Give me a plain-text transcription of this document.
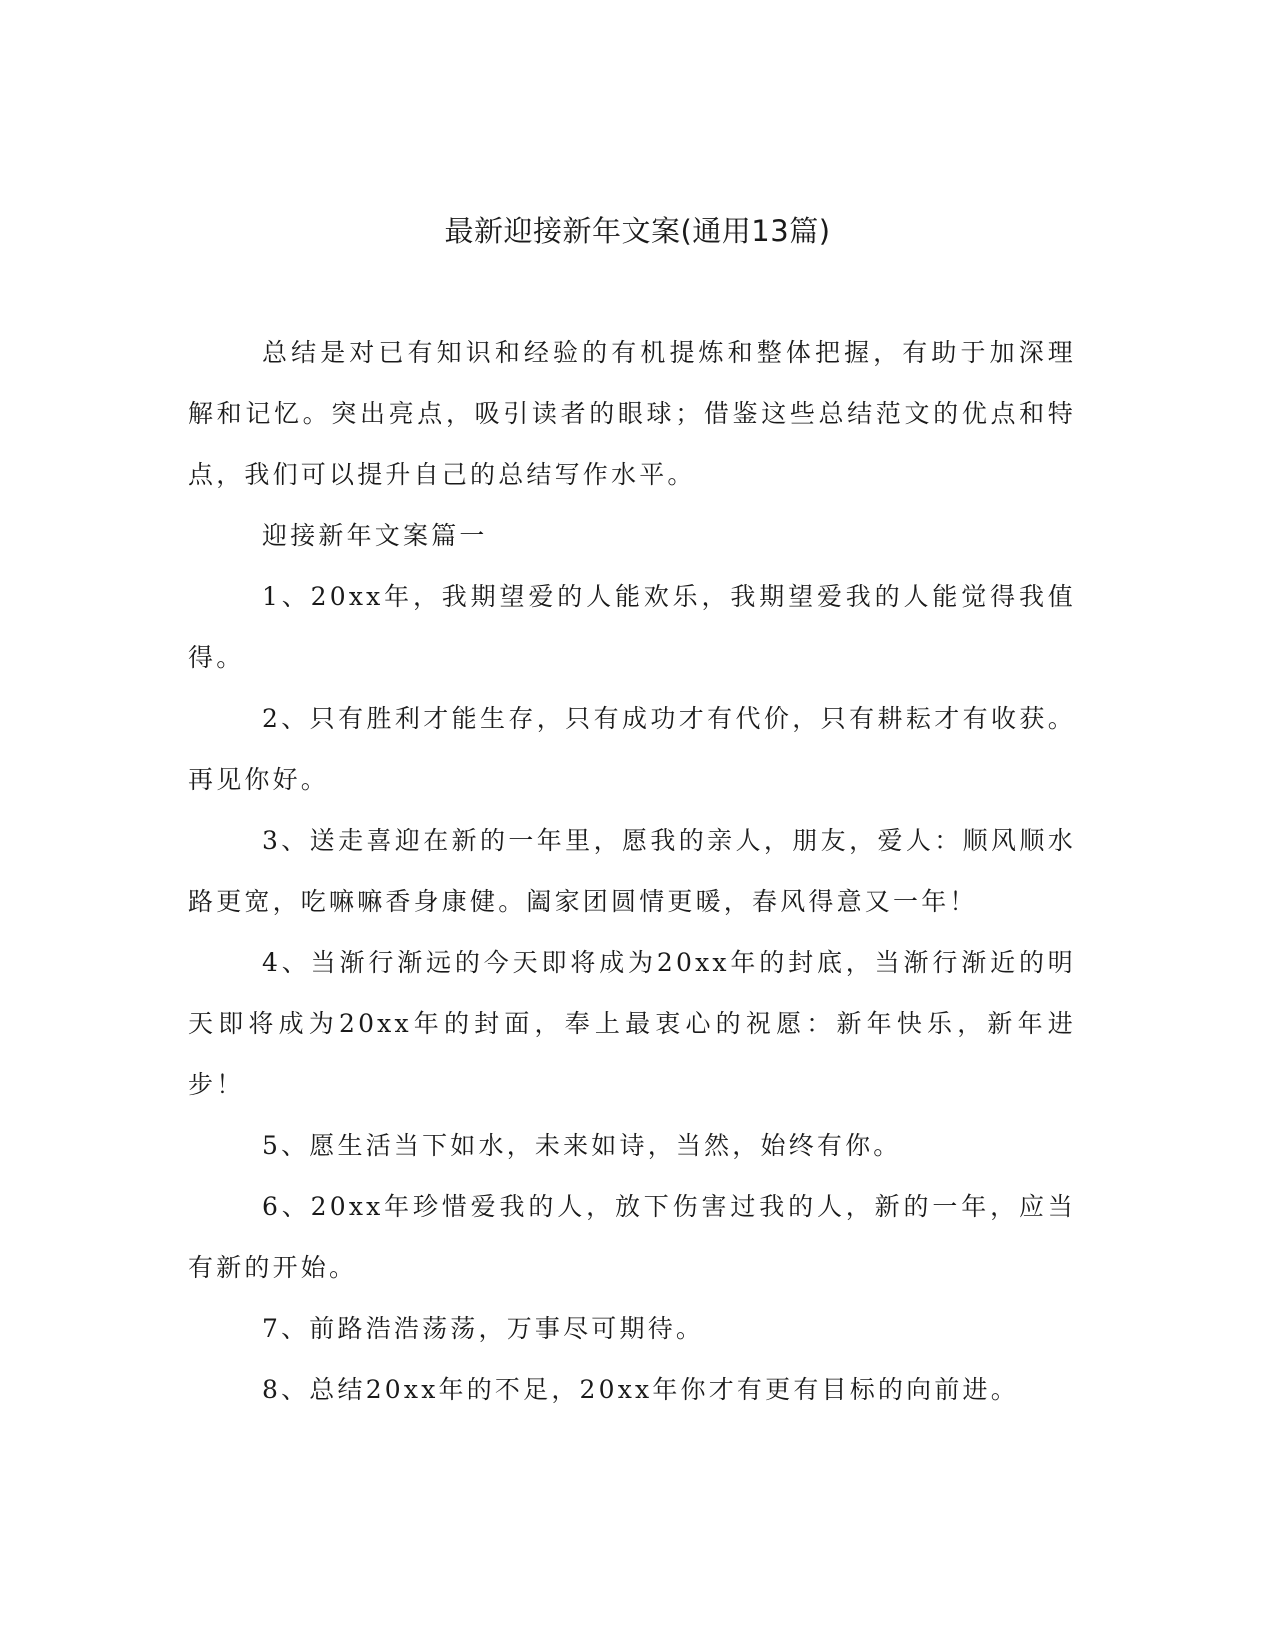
最新迎接新年文案(通用13篇)

总结是对已有知识和经验的有机提炼和整体把握，有助于加深理解和记忆。突出亮点，吸引读者的眼球；借鉴这些总结范文的优点和特点，我们可以提升自己的总结写作水平。

迎接新年文案篇一

1、20xx年，我期望爱的人能欢乐，我期望爱我的人能觉得我值得。

2、只有胜利才能生存，只有成功才有代价，只有耕耘才有收获。再见你好。

3、送走喜迎在新的一年里，愿我的亲人，朋友，爱人：顺风顺水路更宽，吃嘛嘛香身康健。阖家团圆情更暖，春风得意又一年！

4、当渐行渐远的今天即将成为20xx年的封底，当渐行渐近的明天即将成为20xx年的封面，奉上最衷心的祝愿：新年快乐，新年进步！

5、愿生活当下如水，未来如诗，当然，始终有你。

6、20xx年珍惜爱我的人，放下伤害过我的人，新的一年，应当有新的开始。

7、前路浩浩荡荡，万事尽可期待。

8、总结20xx年的不足，20xx年你才有更有目标的向前进。
